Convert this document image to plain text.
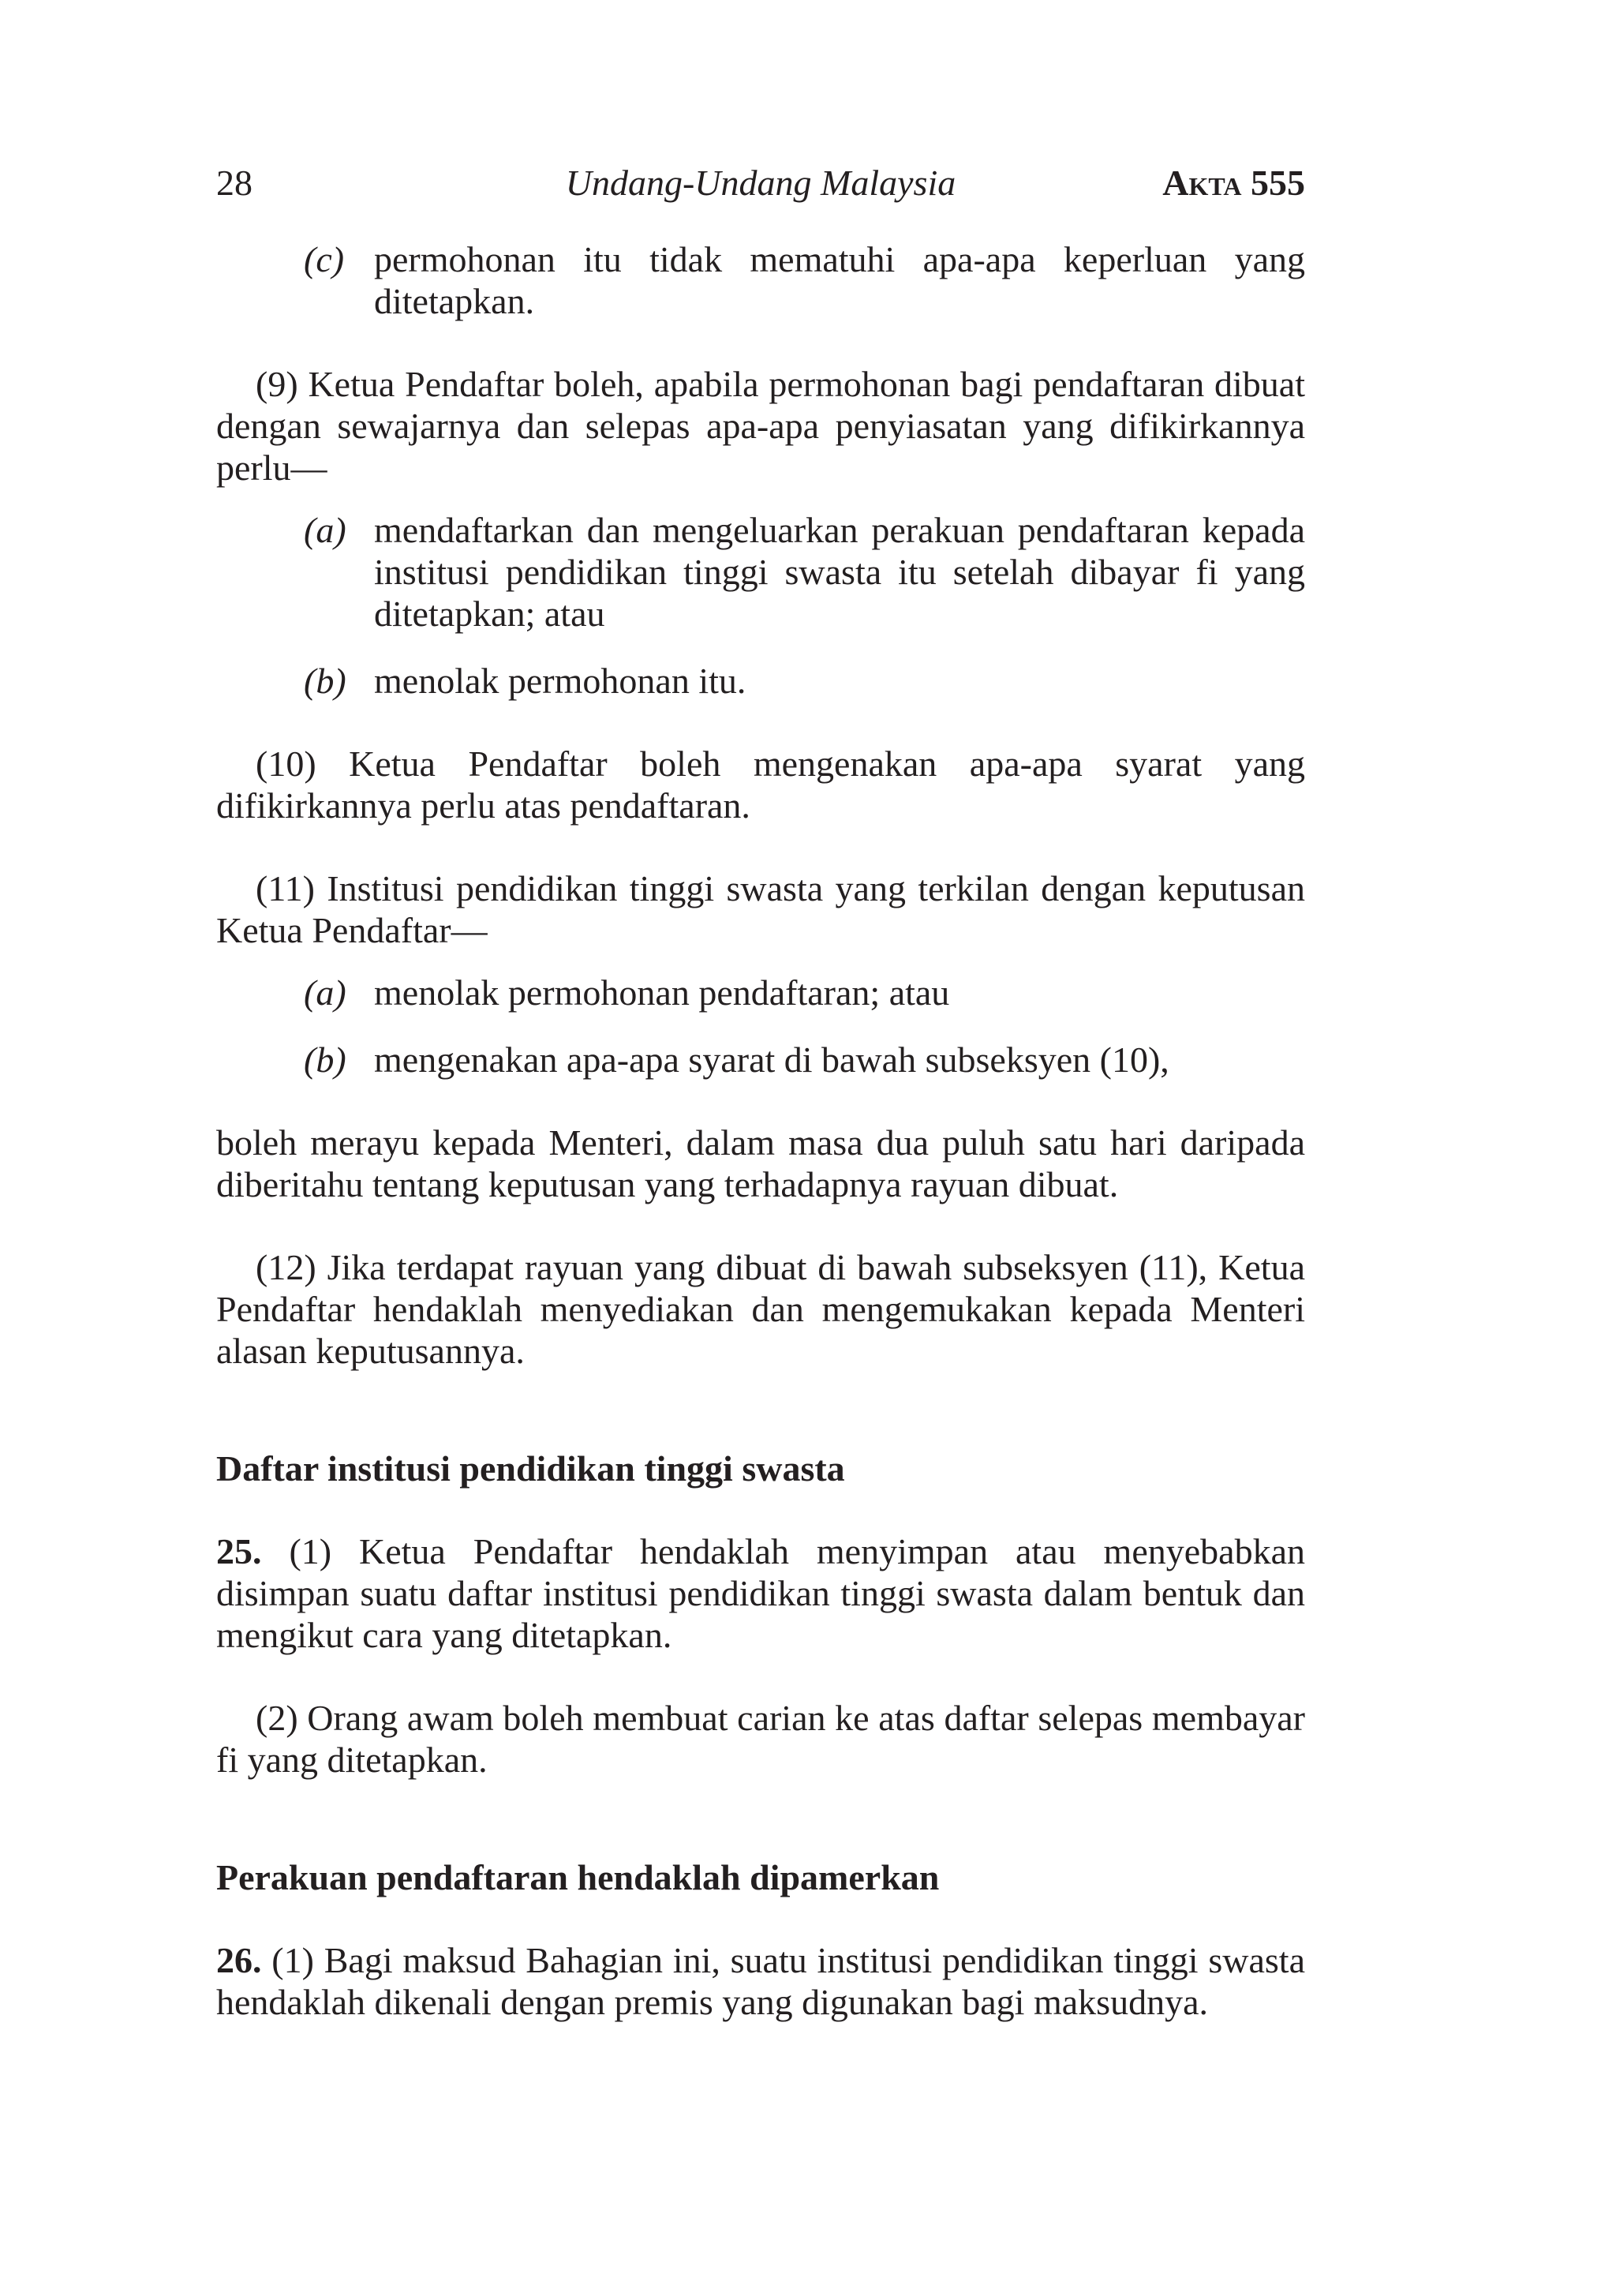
28	Undang-Undang Malaysia	Akta 555
(c) permohonan itu tidak mematuhi apa-apa keperluan yang ditetapkan.

(9) Ketua Pendaftar boleh, apabila permohonan bagi pendaftaran dibuat dengan sewajarnya dan selepas apa-apa penyiasatan yang difikirkannya perlu—

(a) mendaftarkan dan mengeluarkan perakuan pendaftaran kepada institusi pendidikan tinggi swasta itu setelah dibayar fi yang ditetapkan; atau
(b) menolak permohonan itu.

(10) Ketua Pendaftar boleh mengenakan apa-apa syarat yang difikirkannya perlu atas pendaftaran.

(11) Institusi pendidikan tinggi swasta yang terkilan dengan keputusan Ketua Pendaftar—

(a) menolak permohonan pendaftaran; atau
(b) mengenakan apa-apa syarat di bawah subseksyen (10),

boleh merayu kepada Menteri, dalam masa dua puluh satu hari daripada diberitahu tentang keputusan yang terhadapnya rayuan dibuat.

(12) Jika terdapat rayuan yang dibuat di bawah subseksyen (11), Ketua Pendaftar hendaklah menyediakan dan mengemukakan kepada Menteri alasan keputusannya.

Daftar institusi pendidikan tinggi swasta

25. (1) Ketua Pendaftar hendaklah menyimpan atau menyebabkan disimpan suatu daftar institusi pendidikan tinggi swasta dalam bentuk dan mengikut cara yang ditetapkan.

(2) Orang awam boleh membuat carian ke atas daftar selepas membayar fi yang ditetapkan.

Perakuan pendaftaran hendaklah dipamerkan

26. (1) Bagi maksud Bahagian ini, suatu institusi pendidikan tinggi swasta hendaklah dikenali dengan premis yang digunakan bagi maksudnya.
